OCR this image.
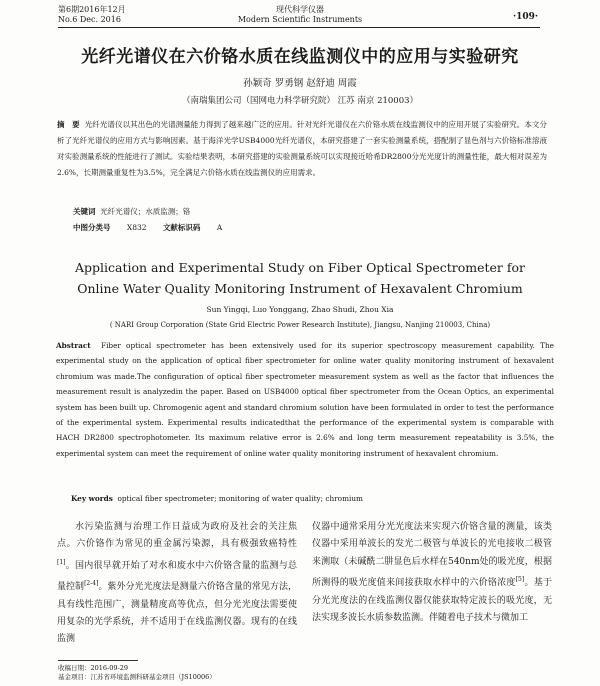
第6期2016年12月
No.6 Dec. 2016
现代科学仪器
Modern Scientific Instruments	·109·
光纤光谱仪在六价铬水质在线监测仪中的应用与实验研究
孙颖奇 罗勇钢 赵舒迪 周霞
（南瑞集团公司（国网电力科学研究院） 江苏 南京 210003）
摘　要 光纤光谱仪以其出色的光谱测量能力得到了越来越广泛的应用。针对光纤光谱仪在六价铬水质在线监测仪中的应用开展了实验研究。本文分析了光纤光谱仪的应用方式与影响因素。基于海洋光学USB4000光纤光谱仪，本研究搭建了一套实验测量系统，搭配制了显色剂与六价铬标准溶液对实验测量系统的性能进行了测试。实验结果表明，本研究搭建的实验测量系统可以实现接近哈希DR2800分光光度计的测量性能，最大相对误差为2.6%，长期测量重复性为3.5%，完全满足六价铬水质在线监测仪的应用需求。
关键词 光纤光谱仪；水质监测；铬
中图分类号 X832 文献标识码 A
Application and Experimental Study on Fiber Optical Spectrometer for Online Water Quality Monitoring Instrument of Hexavalent Chromium
Sun Yingqi, Luo Yonggang, Zhao Shudi, Zhou Xia
( NARI Group Corporation (State Grid Electric Power Research Institute), Jiangsu, Nanjing 210003, China)
Abstract Fiber optical spectrometer has been extensively used for its superior spectroscopy measurement capability. The experimental study on the application of optical fiber spectrometer for online water quality monitoring instrument of hexavalent chromium was made.The configuration of optical fiber spectrometer measurement system as well as the factor that influences the measurement result is analyzedin the paper. Based on USB4000 optical fiber spectrometer from the Ocean Optics, an experimental system has been built up. Chromogenic agent and standard chromium solution have been formulated in order to test the performance of the experimental system. Experimental results indicatedthat the performance of the experimental system is comparable with HACH DR2800 spectrophotometer. Its maximum relative error is 2.6% and long term measurement repeatability is 3.5%, the experimental system can meet the requirement of online water quality monitoring instrument of hexavalent chromium.
Key words optical fiber spectrometer; monitoring of water quality; chromium
水污染监测与治理工作日益成为政府及社会的关注焦点。六价铬作为常见的重金属污染源，具有极强致癌特性[1]。国内很早就开始了对水和废水中六价铬含量的监测与总量控制[2-4]。紫外分光光度法是测量六价铬含量的常见方法，具有线性范围广，测量精度高等优点，但分光光度法需要使用复杂的光学系统，并不适用于在线监测仪器。现有的在线监测
仪器中通常采用分光光度法来实现六价铬含量的测量，该类仪器中采用单波长的发光二极管与单波长的光电接收二极管来测取（未碱酰二肼显色后水样在540nm处的吸光度，根据所测得的吸光度值来间接获取水样中的六价铬浓度[5]。基于分光光度法的在线监测仪器仅能获取特定波长的吸光度，无法实现多波长水质参数监测。伴随着电子技术与微加工
收稿日期：2016-09-29
基金项目：江苏省环境监测科研基金项目（JS10006）
